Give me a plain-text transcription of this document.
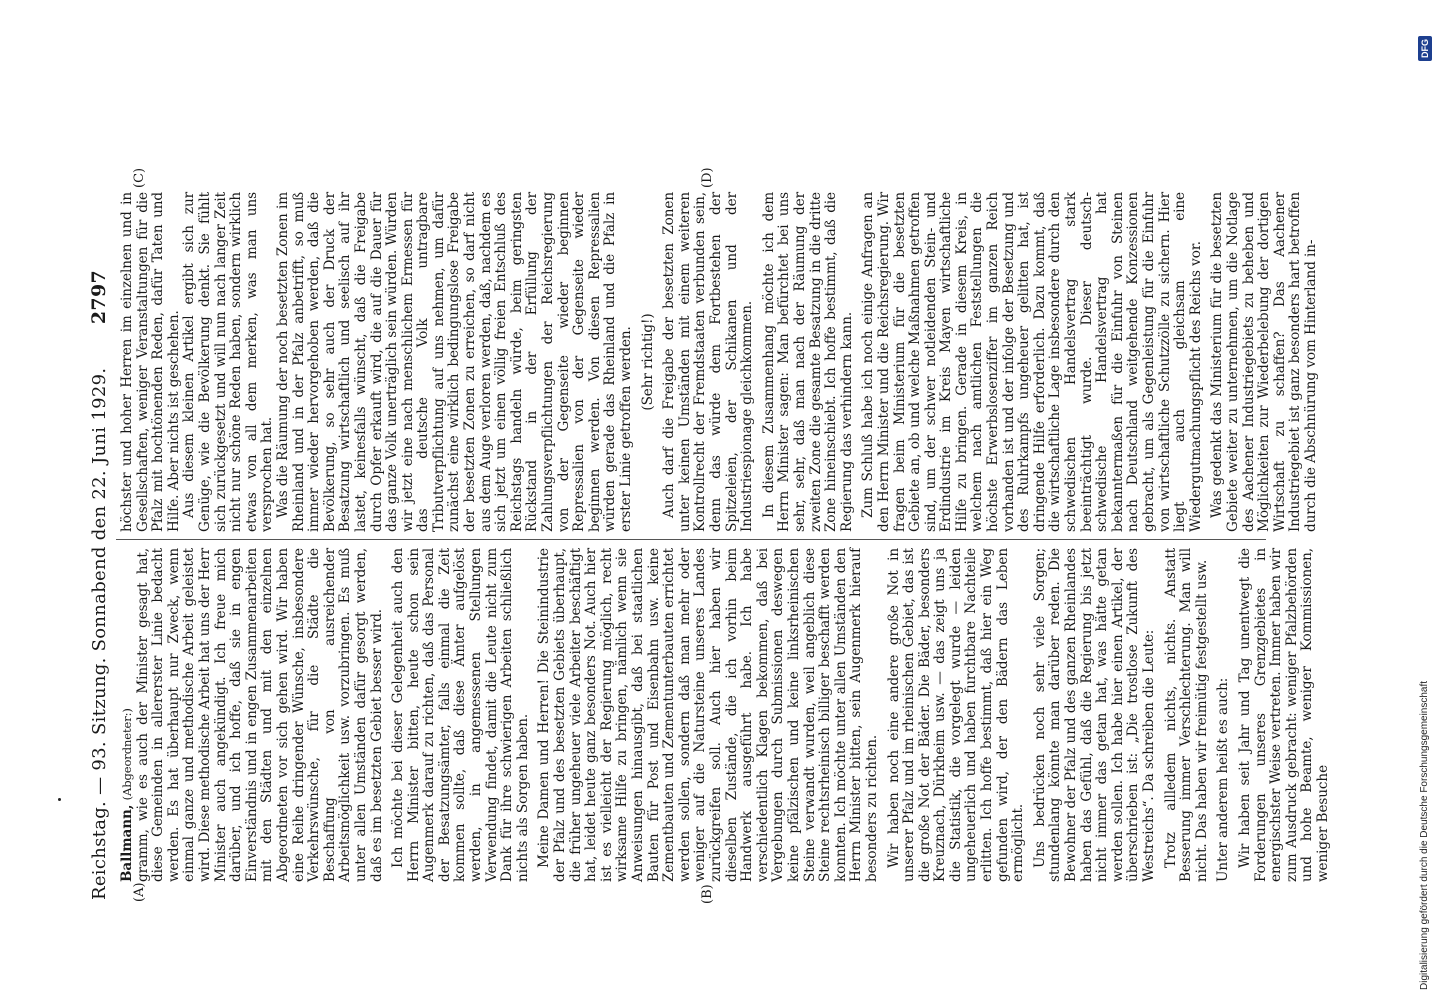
Reichstag. — 93. Sitzung. Sonnabend den 22. Juni 1929.
2797
(A)	(B)
(C)	(D)

Ballmann, (Abgeordneter:) gramm, wie es auch der Minister gesagt hat, diese Gemeinden in allererster Linie bedacht werden. Es hat überhaupt nur Zweck, wenn einmal ganze und methodische Arbeit geleistet wird. Diese methodische Arbeit hat uns der Herr Minister auch angekündigt. Ich freue mich darüber, und ich hoffe, daß sie in engen Einverständnis und in engen Zusammenarbeiten mit den Städten und mit den einzelnen Abgeordneten vor sich gehen wird. Wir haben eine Reihe dringender Wünsche, insbesondere Verkehrswünsche, für die Städte die Beschaffung von ausreichender Arbeitsmöglichkeit usw. vorzubringen. Es muß unter allen Umständen dafür gesorgt werden, daß es im besetzten Gebiet besser wird. Ich möchte bei dieser Gelegenheit auch den Herrn Minister bitten, heute schon sein Augenmerk darauf zu richten, daß das Personal der Besatzungsämter, falls einmal die Zeit kommen sollte, daß diese Ämter aufgelöst werden, in angemessenen Stellungen Verwendung findet, damit die Leute nicht zum Dank für ihre schwierigen Arbeiten schließlich nichts als Sorgen haben. Meine Damen und Herren! Die Steinindustrie der Pfalz und des besetzten Gebiets überhaupt, die früher ungeheuer viele Arbeiter beschäftigt hat, leidet heute ganz besonders Not. Auch hier ist es vielleicht der Regierung möglich, recht wirksame Hilfe zu bringen, nämlich wenn sie Anweisungen hinausgibt, daß bei staatlichen Bauten für Post und Eisenbahn usw. keine Zementbauten und Zementunterbauten errichtet werden sollen, sondern daß man mehr oder weniger auf die Natursteine unseres Landes zurückgreifen soll. Auch hier haben wir dieselben Zustände, die ich vorhin beim Handwerk ausgeführt habe. Ich habe verschiedentlich Klagen bekommen, daß bei Vergebungen durch Submissionen deswegen keine pfälzischen und keine linksrheinischen Steine verwandt wurden, weil angeblich diese Steine rechtsrheinisch billiger beschafft werden konnten. Ich möchte unter allen Umständen den Herrn Minister bitten, sein Augenmerk hierauf besonders zu richten. Wir haben noch eine andere große Not in unserer Pfalz und im rheinischen Gebiet, das ist die große Not der Bäder. Die Bäder, besonders Kreuznach, Dürkheim usw. — das zeigt uns ja die Statistik, die vorgelegt wurde — leiden ungeheuerlich und haben furchtbare Nachteile erlitten. Ich hoffe bestimmt, daß hier ein Weg gefunden wird, der den Bädern das Leben ermöglicht. Uns bedrücken noch sehr viele Sorgen; stundenlang könnte man darüber reden. Die Bewohner der Pfalz und des ganzen Rheinlandes haben das Gefühl, daß die Regierung bis jetzt nicht immer das getan hat, was hätte getan werden sollen. Ich habe hier einen Artikel, der überschrieben ist: „Die trostlose Zukunft des Westreichs“. Da schreiben die Leute: Trotz allledem nichts, nichts. Anstatt Besserung immer Verschlechterung. Man will nicht. Das haben wir freimütig festgestellt usw. Unter anderem heißt es auch: Wir haben seit Jahr und Tag unentwegt die Forderungen unseres Grenzgebietes in energischster Weise vertreten. Immer haben wir zum Ausdruck gebracht: weniger Pfalzbehörden und hohe Beamte, weniger Kommissionen, weniger Besuche

höchster und hoher Herren im einzelnen und in Gesellschaften, weniger Veranstaltungen für die Pfalz mit hochtönenden Reden, dafür Taten und Hilfe. Aber nichts ist geschehen. Aus diesem kleinen Artikel ergibt sich zur Genüge, wie die Bevölkerung denkt. Sie fühlt sich zurückgesetzt und will nun nach langer Zeit nicht nur schöne Reden haben, sondern wirklich etwas von all dem merken, was man uns versprochen hat. Was die Räumung der noch besetzten Zonen im Rheinland und in der Pfalz anbetrifft, so muß immer wieder hervorgehoben werden, daß die Bevölkerung, so sehr auch der Druck der Besatzung wirtschaftlich und seelisch auf ihr lastet, keinesfalls wünscht, daß die Freigabe durch Opfer erkauft wird, die auf die Dauer für das ganze Volk unerträglich sein würden. Würden wir jetzt eine nach menschlichem Ermessen für das deutsche Volk untragbare Tributverpflichtung auf uns nehmen, um dafür zunächst eine wirklich bedingungslose Freigabe der besetzten Zonen zu erreichen, so darf nicht aus dem Auge verloren werden, daß, nachdem es sich jetzt um einen völlig freien Entschluß des Reichstags handeln würde, beim geringsten Rückstand in der Erfüllung der Zahlungsverpflichtungen der Reichsregierung von der Gegenseite wieder beginnen Repressalien von der Gegenseite wieder beginnen werden. Von diesen Repressalien würden gerade das Rheinland und die Pfalz in erster Linie getroffen werden. (Sehr richtig!) Auch darf die Freigabe der besetzten Zonen unter keinen Umständen mit einem weiteren Kontrollrecht der Fremdstaaten verbunden sein, denn das würde dem Fortbestehen der Spitzeleien, der Schikanen und der Industriespionage gleichkommen. In diesem Zusammenhang möchte ich dem Herrn Minister sagen: Man befürchtet bei uns sehr, sehr, daß man nach der Räumung der zweiten Zone die gesamte Besatzung in die dritte Zone hineinschiebt. Ich hoffe bestimmt, daß die Regierung das verhindern kann. Zum Schluß habe ich noch einige Anfragen an den Herrn Minister und die Reichsregierung. Wir fragen beim Ministerium für die besetzten Gebiete an, ob und welche Maßnahmen getroffen sind, um der schwer notleidenden Stein- und Erdindustrie im Kreis Mayen wirtschaftliche Hilfe zu bringen. Gerade in diesem Kreis, in welchem nach amtlichen Feststellungen die höchste Erwerbslosenziffer im ganzen Reich vorhanden ist und der infolge der Besetzung und des Ruhrkampfs ungeheuer gelitten hat, ist dringende Hilfe erforderlich. Dazu kommt, daß die wirtschaftliche Lage insbesondere durch den schwedischen Handelsvertrag stark beeinträchtigt wurde. Dieser deutsch-schwedische Handelsvertrag hat bekanntermaßen für die Einfuhr von Steinen nach Deutschland weitgehende Konzessionen gebracht, um als Gegenleistung für die Einfuhr von wirtschaftliche Schutzzölle zu sichern. Hier liegt auch gleichsam eine Wiedergutmachungspflicht des Reichs vor. Was gedenkt das Ministerium für die besetzten Gebiete weiter zu unternehmen, um die Notlage des Aachener Industriegebiets zu beheben und Möglichkeiten zur Wiederbelebung der dortigen Wirtschaft zu schaffen? Das Aachener Industriegebiet ist ganz besonders hart betroffen durch die Abschnürung vom Hinterland in-

Digitalisierung gefördert durch die Deutsche Forschungsgemeinschaft
DFG
